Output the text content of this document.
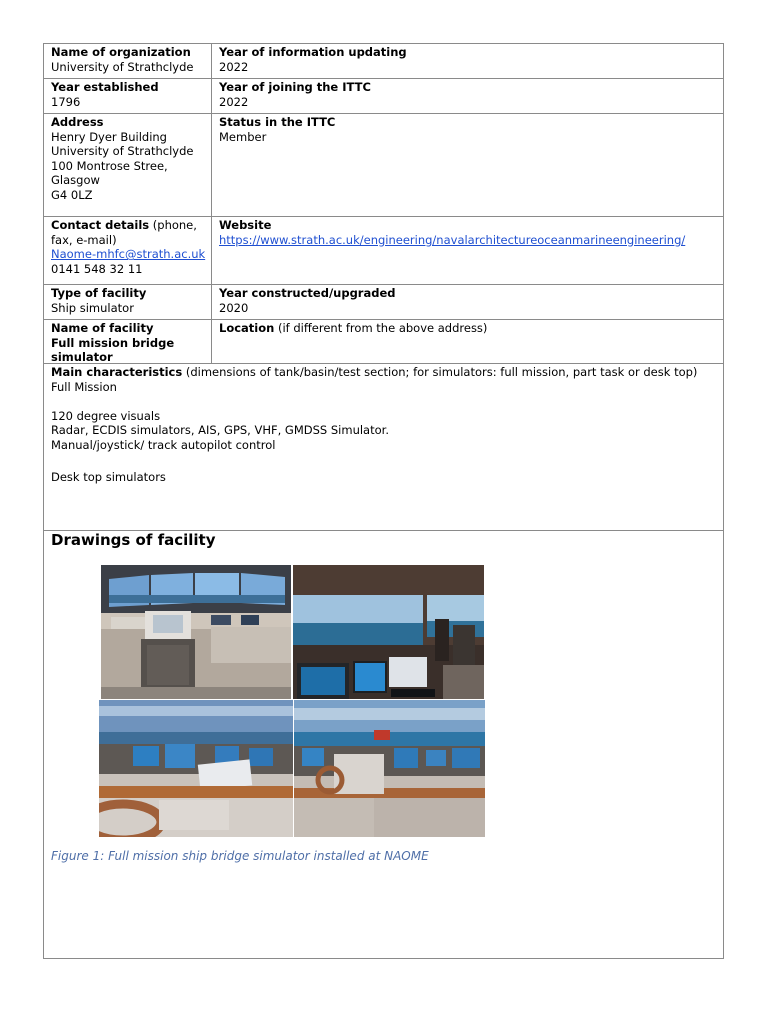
Name of organization
University of Strathclyde
Year of information updating
2022
Year established
1796
Year of joining the ITTC
2022
Address
Henry Dyer Building
University of Strathclyde
100 Montrose Stree,
Glasgow
G4 0LZ
Status in the ITTC
Member
Contact details (phone,
fax, e-mail)
Naome-mhfc@strath.ac.uk
0141 548 32 11
Website
https://www.strath.ac.uk/engineering/navalarchitectureoceanmarineengineering/
Type of facility
Ship simulator
Year constructed/upgraded
2020
Name of facility
Full mission bridge
simulator
Location (if different from the above address)
Main characteristics (dimensions of tank/basin/test section; for simulators: full mission, part task or desk top)
Full Mission
120 degree visuals
Radar, ECDIS simulators, AIS, GPS, VHF, GMDSS Simulator.
Manual/joystick/ track autopilot control
Desk top simulators
Drawings of facility
Figure 1: Full mission ship bridge simulator installed at NAOME
